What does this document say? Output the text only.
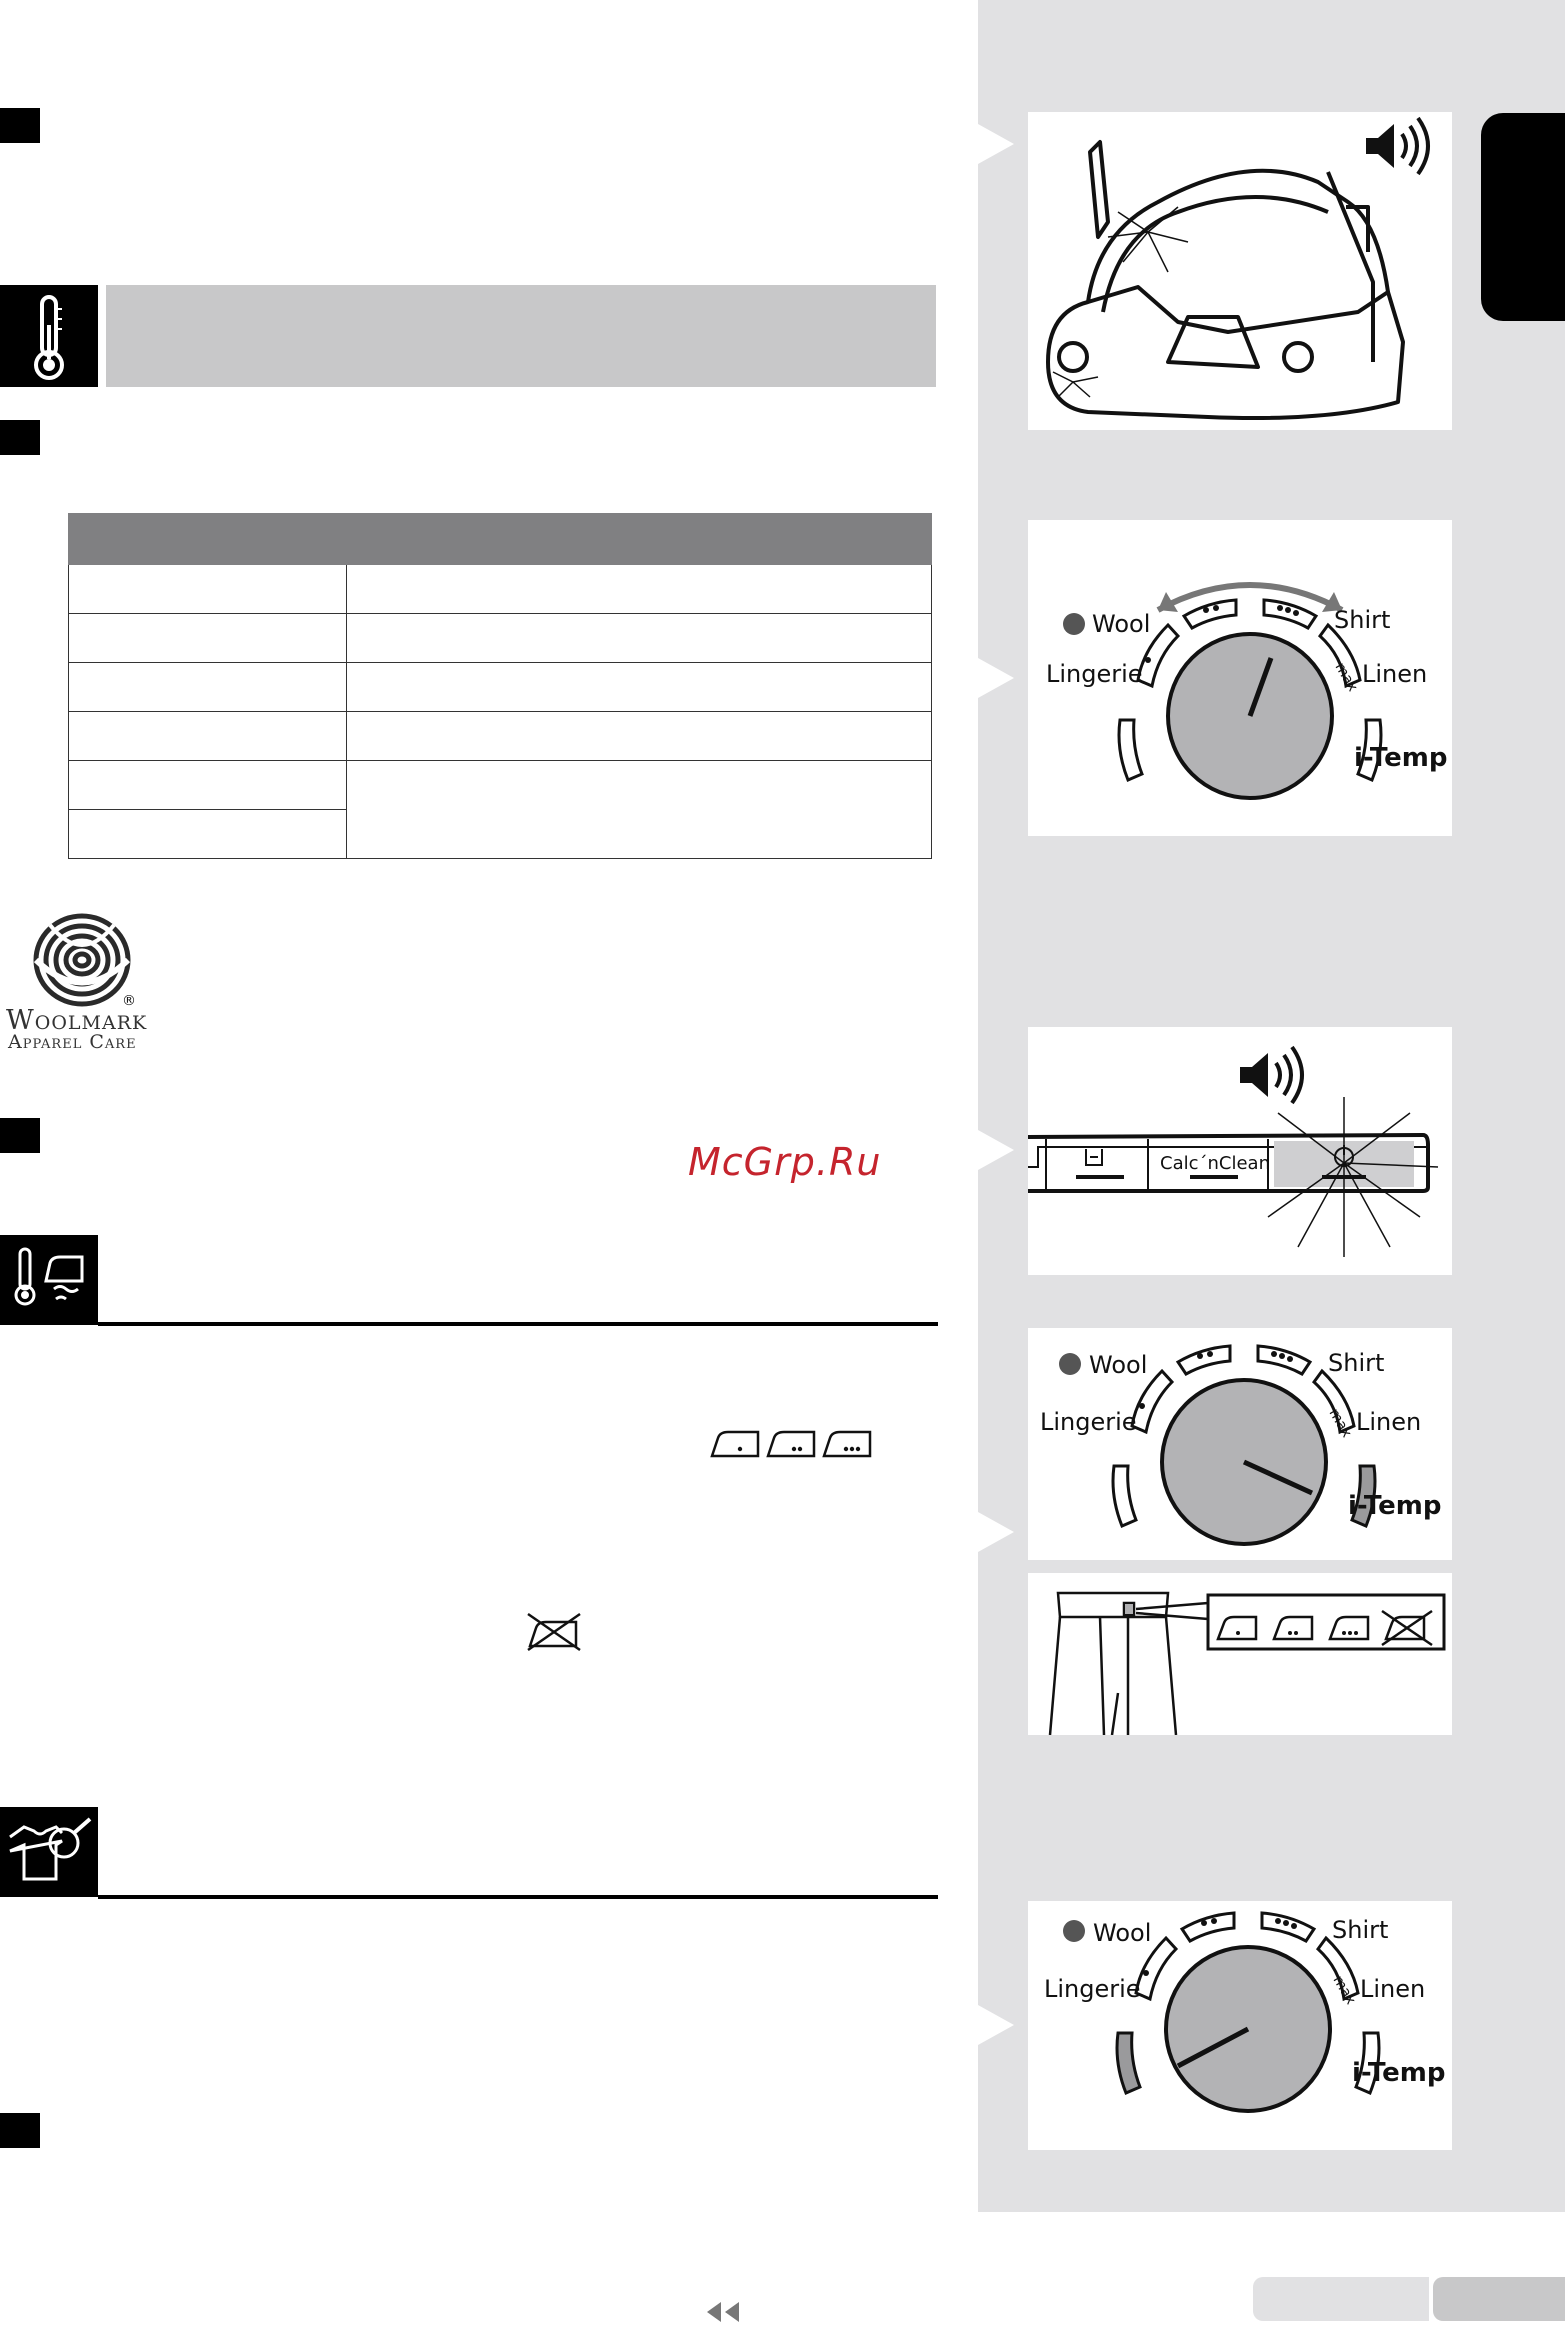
®
Woolmark
Apparel Care
McGrp.Ru
Wool	Shirt
Lingerie	Linen
i-Temp
max
Calc´nClean
Wool	Shirt
Lingerie	Linen
i-Temp
max
Wool	Shirt
Lingerie	Linen
i-Temp
max
